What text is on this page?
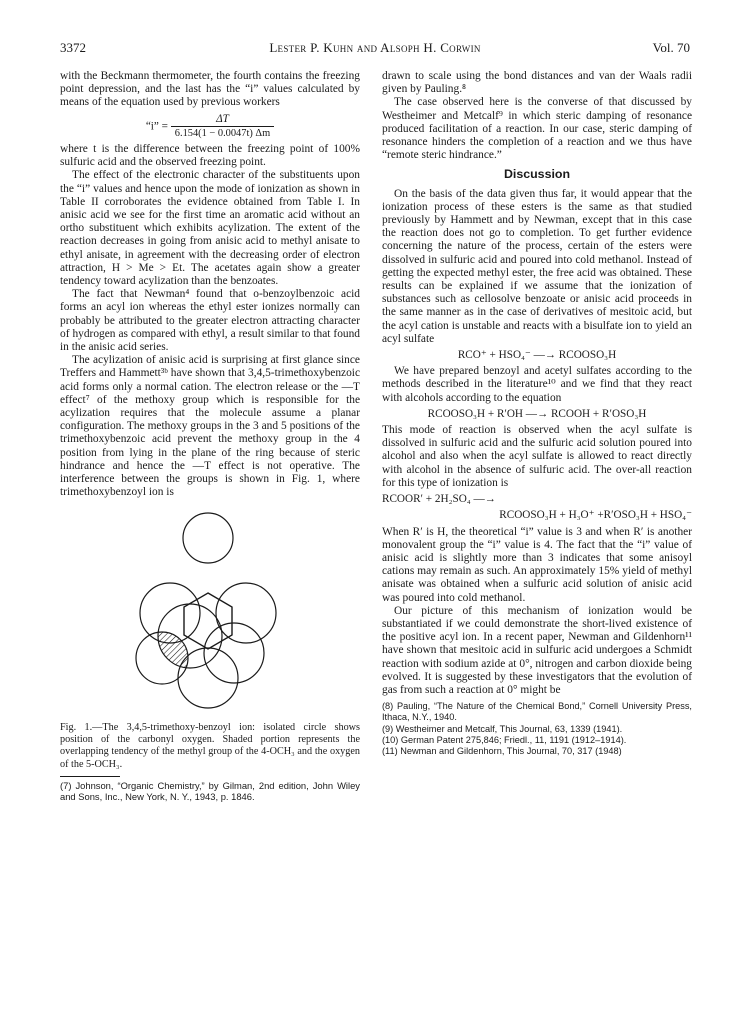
3372	Lester P. Kuhn and Alsoph H. Corwin	Vol. 70

with the Beckmann thermometer, the fourth contains the freezing point depression, and the last has the “i” values calculated by means of the equation used by previous workers

“i” = $\frac{\Delta T}{6.154(1 - 0.0047t) \Delta m}$

where t is the difference between the freezing point of 100% sulfuric acid and the observed freezing point.

The effect of the electronic character of the substituents upon the “i” values and hence upon the mode of ionization as shown in Table II corroborates the evidence obtained from Table I. In anisic acid we see for the first time an aromatic acid without an ortho substituent which exhibits acylization. The extent of the reaction decreases in going from anisic acid to methyl anisate to ethyl anisate, in agreement with the decreasing order of electron attraction, H > Me > Et. The acetates again show a greater tendency toward acylization than the benzoates.

The fact that Newman⁴ found that o-benzoylbenzoic acid forms an acyl ion whereas the ethyl ester ionizes normally can probably be attributed to the greater electron attracting character of hydrogen as compared with ethyl, a result similar to that found in the anisic acid series.

The acylization of anisic acid is surprising at first glance since Treffers and Hammett³ᵇ have shown that 3,4,5-trimethoxybenzoic acid forms only a normal cation. The electron release or the —T effect⁷ of the methoxy group which is responsible for the acylization requires that the molecule assume a planar configuration. The methoxy groups in the 3 and 5 positions of the trimethoxybenzoic acid prevent the methoxy group in the 4 position from lying in the plane of the ring because of steric hindrance and hence the —T effect is not operative. The interference between the groups is shown in Fig. 1, where trimethoxybenzoyl ion is

Fig. 1.—The 3,4,5-trimethoxy-benzoyl ion: isolated circle shows position of the carbonyl oxygen. Shaded portion represents the overlapping tendency of the methyl group of the 4-OCH₃ and the oxygen of the 5-OCH₃.
(7) Johnson, “Organic Chemistry,” by Gilman, 2nd edition, John Wiley and Sons, Inc., New York, N. Y., 1943, p. 1846.

drawn to scale using the bond distances and van der Waals radii given by Pauling.⁸

The case observed here is the converse of that discussed by Westheimer and Metcalf⁹ in which steric damping of resonance produced facilitation of a reaction. In our case, steric damping of resonance hinders the completion of a reaction and we thus have “remote steric hindrance.”

Discussion

On the basis of the data given thus far, it would appear that the ionization process of these esters is the same as that studied previously by Hammett and by Newman, except that in this case the reaction does not go to completion. To get further evidence concerning the nature of the process, certain of the esters were dissolved in sulfuric acid and poured into cold methanol. Instead of getting the expected methyl ester, the free acid was obtained. These results can be explained if we assume that the ionization of substances such as cellosolve benzoate or anisic acid proceeds in the same manner as in the case of derivatives of mesitoic acid, but the acyl cation is unstable and reacts with a bisulfate ion to yield an acyl sulfate

RCO⁺ + HSO₄⁻ —→ RCOOSO₃H

We have prepared benzoyl and acetyl sulfates according to the methods described in the literature¹⁰ and we find that they react with alcohols according to the equation

RCOOSO₃H + R′OH —→ RCOOH + R′OSO₃H

This mode of reaction is observed when the acyl sulfate is dissolved in sulfuric acid and the sulfuric acid solution poured into alcohol and also when the acyl sulfate is allowed to react directly with alcohol in the absence of sulfuric acid. The over-all reaction for this type of ionization is

RCOOR′ + 2H₂SO₄ —→
RCOOSO₃H + H₃O⁺ +R′OSO₃H + HSO₄⁻

When R′ is H, the theoretical “i” value is 3 and when R′ is another monovalent group the “i” value is 4. The fact that the “i” value of anisic acid is slightly more than 3 indicates that some anisoyl cations may remain as such. An approximately 15% yield of methyl anisate was obtained when a sulfuric acid solution of anisic acid was poured into cold methanol.

Our picture of this mechanism of ionization would be substantiated if we could demonstrate the short-lived existence of the positive acyl ion. In a recent paper, Newman and Gildenhorn¹¹ have shown that mesitoic acid in sulfuric acid undergoes a Schmidt reaction with sodium azide at 0°, nitrogen and carbon dioxide being evolved. It is suggested by these investigators that the evolution of gas from such a reaction at 0° might be

(8) Pauling, “The Nature of the Chemical Bond,” Cornell University Press, Ithaca, N.Y., 1940.
(9) Westheimer and Metcalf, This Journal, 63, 1339 (1941).
(10) German Patent 275,846; Friedl., 11, 1191 (1912–1914).
(11) Newman and Gildenhorn, This Journal, 70, 317 (1948)
